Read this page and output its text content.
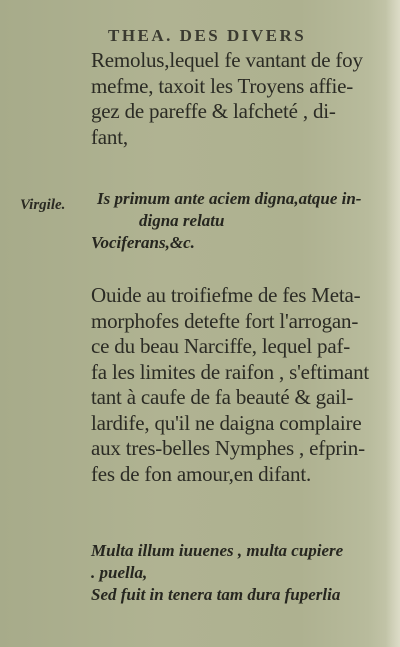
THEA. DES DIVERS
Remolus,lequel fe vantant de foy
mefme, taxoit les Troyens affie-
gez de pareffe & lafcheté , di-
fant,
Virgile.	Is primum ante aciem digna,atque in-
digna relatu
Vociferans,&c.
Ouide au troifiefme de fes Meta-
morphofes detefte fort l'arrogan-
ce du beau Narciffe, lequel paf-
fa les limites de raifon , s'eftimant
tant à caufe de fa beauté & gail-
lardife, qu'il ne daigna complaire
aux tres-belles Nymphes , efprin-
fes de fon amour,en difant.
Multa illum iuuenes , multa cupiere
. puella,
Sed fuit in tenera tam dura fuperlia
